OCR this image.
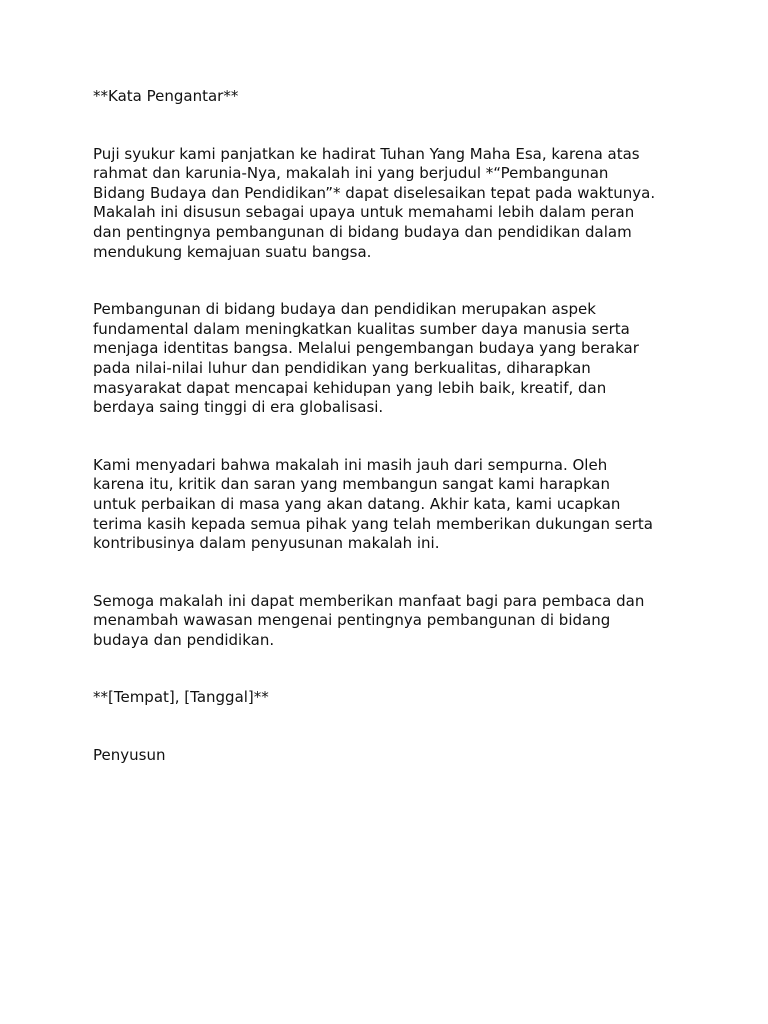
**Kata Pengantar**

Puji syukur kami panjatkan ke hadirat Tuhan Yang Maha Esa, karena atas
rahmat dan karunia-Nya, makalah ini yang berjudul *“Pembangunan
Bidang Budaya dan Pendidikan”* dapat diselesaikan tepat pada waktunya.
Makalah ini disusun sebagai upaya untuk memahami lebih dalam peran
dan pentingnya pembangunan di bidang budaya dan pendidikan dalam
mendukung kemajuan suatu bangsa.

Pembangunan di bidang budaya dan pendidikan merupakan aspek
fundamental dalam meningkatkan kualitas sumber daya manusia serta
menjaga identitas bangsa. Melalui pengembangan budaya yang berakar
pada nilai-nilai luhur dan pendidikan yang berkualitas, diharapkan
masyarakat dapat mencapai kehidupan yang lebih baik, kreatif, dan
berdaya saing tinggi di era globalisasi.

Kami menyadari bahwa makalah ini masih jauh dari sempurna. Oleh
karena itu, kritik dan saran yang membangun sangat kami harapkan
untuk perbaikan di masa yang akan datang. Akhir kata, kami ucapkan
terima kasih kepada semua pihak yang telah memberikan dukungan serta
kontribusinya dalam penyusunan makalah ini.

Semoga makalah ini dapat memberikan manfaat bagi para pembaca dan
menambah wawasan mengenai pentingnya pembangunan di bidang
budaya dan pendidikan.

**[Tempat], [Tanggal]**

Penyusun
